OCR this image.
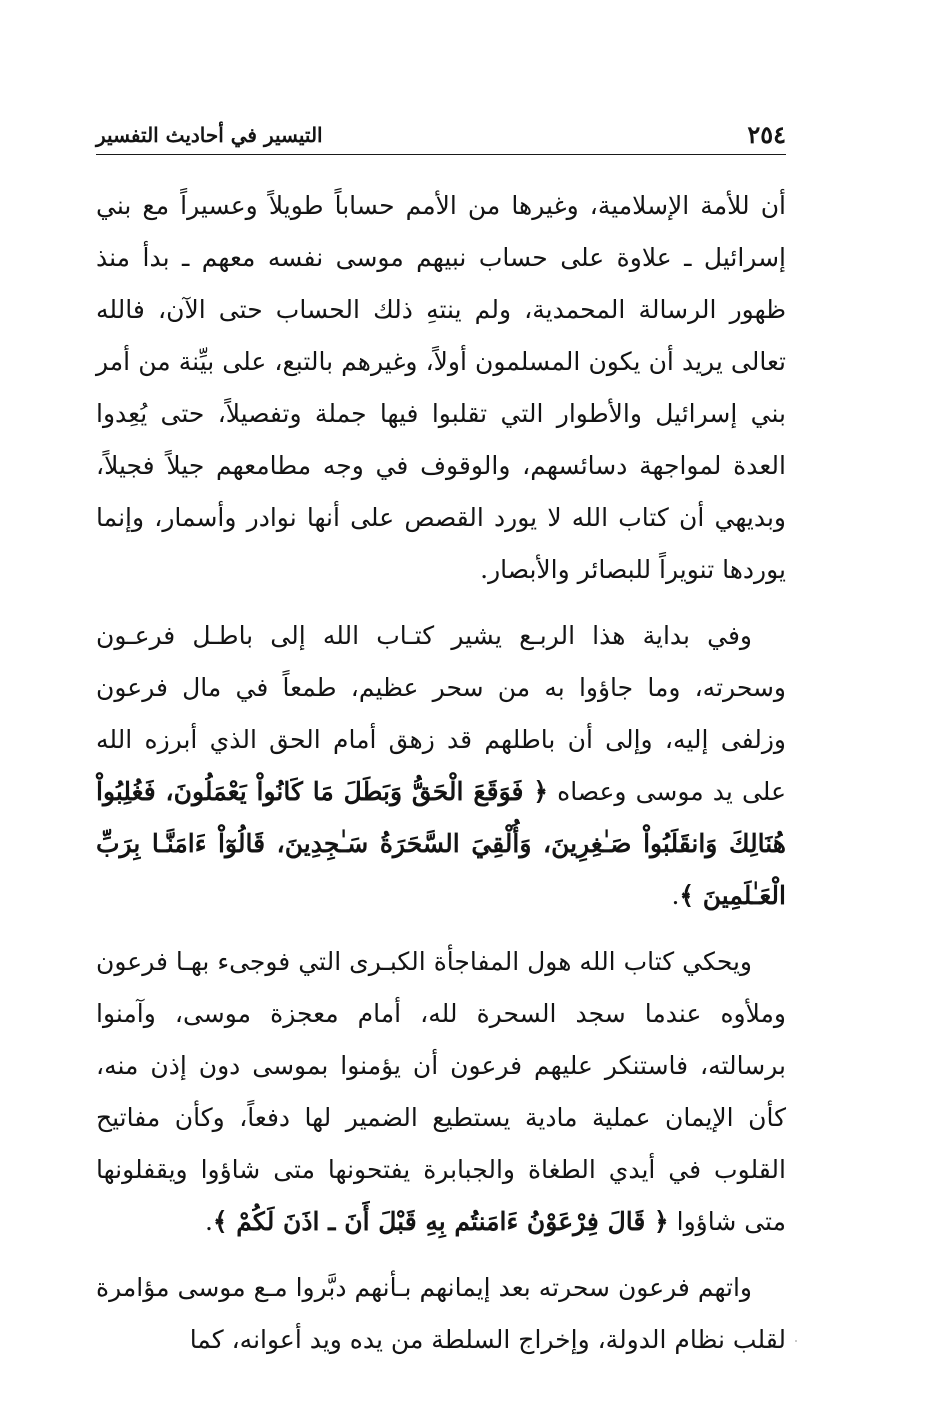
٢٥٤
التيسير في أحاديث التفسير

أن للأمة الإسلامية، وغيرها من الأمم حساباً طويلاً وعسيراً مع بني إسرائيل ـ علاوة على حساب نبيهم موسى نفسه معهم ـ بدأ منذ ظهور الرسالة المحمدية، ولم ينتهِ ذلك الحساب حتى الآن، فالله تعالى يريد أن يكون المسلمون أولاً، وغيرهم بالتبع، على بيِّنة من أمر بني إسرائيل والأطوار التي تقلبوا فيها جملة وتفصيلاً، حتى يُعِدوا العدة لمواجهة دسائسهم، والوقوف في وجه مطامعهم جيلاً فجيلاً، وبديهي أن كتاب الله لا يورد القصص على أنها نوادر وأسمار، وإنما يوردها تنويراً للبصائر والأبصار.

وفي بداية هذا الربـع يشير كتـاب الله إلى باطـل فرعـون وسحرته، وما جاؤوا به من سحر عظيم، طمعاً في مال فرعون وزلفى إليه، وإلى أن باطلهم قد زهق أمام الحق الذي أبرزه الله على يد موسى وعصاه ﴿ فَوَقَعَ الْحَقُّ وَبَطَلَ مَا كَانُواْ يَعْمَلُونَ، فَغُلِبُواْ هُنَالِكَ وَانقَلَبُواْ صَـٰغِرِينَ، وَأُلْقِيَ السَّحَرَةُ سَـٰجِدِينَ، قَالُوٓاْ ءَامَنَّـا بِرَبِّ الْعَـٰلَمِينَ ﴾.

ويحكي كتاب الله هول المفاجأة الكبـرى التي فوجىء بهـا فرعون وملأوه عندما سجد السحرة لله، أمام معجزة موسى، وآمنوا برسالته، فاستنكر عليهم فرعون أن يؤمنوا بموسى دون إذن منه، كأن الإيمان عملية مادية يستطيع الضمير لها دفعاً، وكأن مفاتيح القلوب في أيدي الطغاة والجبابرة يفتحونها متى شاؤوا ويقفلونها متى شاؤوا ﴿ قَالَ فِرْعَوْنُ ءَامَنتُم بِهِ قَبْلَ أَنَ ـ اذَنَ لَكُمْ ﴾.

واتهم فرعون سحرته بعد إيمانهم بـأنهم دبَّروا مـع موسى مؤامرة لقلب نظام الدولة، وإخراج السلطة من يده ويد أعوانه، كما
